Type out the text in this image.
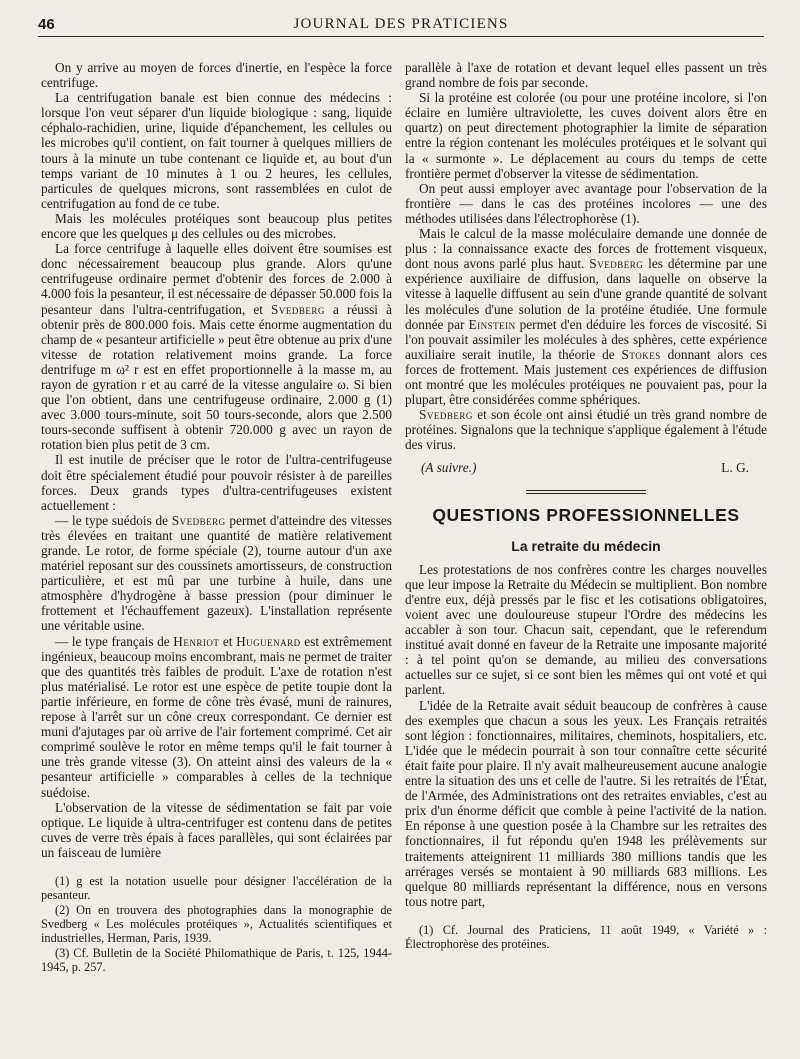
46	JOURNAL DES PRATICIENS

On y arrive au moyen de forces d'inertie, en l'espèce la force centrifuge.

La centrifugation banale est bien connue des médecins : lorsque l'on veut séparer d'un liquide biologique : sang, liquide céphalo-rachidien, urine, liquide d'épanchement, les cellules ou les microbes qu'il contient, on fait tourner à quelques milliers de tours à la minute un tube contenant ce liquide et, au bout d'un temps variant de 10 minutes à 1 ou 2 heures, les cellules, particules de quelques microns, sont rassemblées en culot de centrifugation au fond de ce tube.

Mais les molécules protéiques sont beaucoup plus petites encore que les quelques μ des cellules ou des microbes.

La force centrifuge à laquelle elles doivent être soumises est donc nécessairement beaucoup plus grande. Alors qu'une centrifugeuse ordinaire permet d'obtenir des forces de 2.000 à 4.000 fois la pesanteur, il est nécessaire de dépasser 50.000 fois la pesanteur dans l'ultra-centrifugation, et Svedberg a réussi à obtenir près de 800.000 fois. Mais cette énorme augmentation du champ de « pesanteur artificielle » peut être obtenue au prix d'une vitesse de rotation relativement moins grande. La force dentrifuge m ω² r est en effet proportionnelle à la masse m, au rayon de gyration r et au carré de la vitesse angulaire ω. Si bien que l'on obtient, dans une centrifugeuse ordinaire, 2.000 g (1) avec 3.000 tours-minute, soit 50 tours-seconde, alors que 2.500 tours-seconde suffisent à obtenir 720.000 g avec un rayon de rotation bien plus petit de 3 cm.

Il est inutile de préciser que le rotor de l'ultra-centrifugeuse doit être spécialement étudié pour pouvoir résister à de pareilles forces. Deux grands types d'ultra-centrifugeuses existent actuellement :

— le type suédois de Svedberg permet d'atteindre des vitesses très élevées en traitant une quantité de matière relativement grande. Le rotor, de forme spéciale (2), tourne autour d'un axe matériel reposant sur des coussinets amortisseurs, de construction particulière, et est mû par une turbine à huile, dans une atmosphère d'hydrogène à basse pression (pour diminuer le frottement et l'échauffement gazeux). L'installation représente une véritable usine.

— le type français de Henriot et Huguenard est extrêmement ingénieux, beaucoup moins encombrant, mais ne permet de traiter que des quantités très faibles de produit. L'axe de rotation n'est plus matérialisé. Le rotor est une espèce de petite toupie dont la partie inférieure, en forme de cône très évasé, muni de rainures, repose à l'arrêt sur un cône creux correspondant. Ce dernier est muni d'ajutages par où arrive de l'air fortement comprimé. Cet air comprimé soulève le rotor en même temps qu'il le fait tourner à une très grande vitesse (3). On atteint ainsi des valeurs de la « pesanteur artificielle » comparables à celles de la technique suédoise.

L'observation de la vitesse de sédimentation se fait par voie optique. Le liquide à ultra-centrifuger est contenu dans de petites cuves de verre très épais à faces parallèles, qui sont éclairées par un faisceau de lumière

(1) g est la notation usuelle pour désigner l'accélération de la pesanteur.

(2) On en trouvera des photographies dans la monographie de Svedberg « Les molécules protéiques », Actualités scientifiques et industrielles, Herman, Paris, 1939.

(3) Cf. Bulletin de la Société Philomathique de Paris, t. 125, 1944-1945, p. 257.

parallèle à l'axe de rotation et devant lequel elles passent un très grand nombre de fois par seconde.

Si la protéine est colorée (ou pour une protéine incolore, si l'on éclaire en lumière ultraviolette, les cuves doivent alors être en quartz) on peut directement photographier la limite de séparation entre la région contenant les molécules protéiques et le solvant qui la « surmonte ». Le déplacement au cours du temps de cette frontière permet d'observer la vitesse de sédimentation.

On peut aussi employer avec avantage pour l'observation de la frontière — dans le cas des protéines incolores — une des méthodes utilisées dans l'électrophorèse (1).

Mais le calcul de la masse moléculaire demande une donnée de plus : la connaissance exacte des forces de frottement visqueux, dont nous avons parlé plus haut. Svedberg les détermine par une expérience auxiliaire de diffusion, dans laquelle on observe la vitesse à laquelle diffusent au sein d'une grande quantité de solvant les molécules d'une solution de la protéine étudiée. Une formule donnée par Einstein permet d'en déduire les forces de viscosité. Si l'on pouvait assimiler les molécules à des sphères, cette expérience auxiliaire serait inutile, la théorie de Stokes donnant alors ces forces de frottement. Mais justement ces expériences de diffusion ont montré que les molécules protéiques ne pouvaient pas, pour la plupart, être considérées comme sphériques.

Svedberg et son école ont ainsi étudié un très grand nombre de protéines. Signalons que la technique s'applique également à l'étude des virus.

(A suivre.)	L. G.
QUESTIONS PROFESSIONNELLES
La retraite du médecin

Les protestations de nos confrères contre les charges nouvelles que leur impose la Retraite du Médecin se multiplient. Bon nombre d'entre eux, déjà pressés par le fisc et les cotisations obligatoires, voient avec une douloureuse stupeur l'Ordre des médecins les accabler à son tour. Chacun sait, cependant, que le referendum institué avait donné en faveur de la Retraite une imposante majorité : à tel point qu'on se demande, au milieu des conversations actuelles sur ce sujet, si ce sont bien les mêmes qui ont voté et qui parlent.

L'idée de la Retraite avait séduit beaucoup de confrères à cause des exemples que chacun a sous les yeux. Les Français retraités sont légion : fonctionnaires, militaires, cheminots, hospitaliers, etc. L'idée que le médecin pourrait à son tour connaître cette sécurité était faite pour plaire. Il n'y avait malheureusement aucune analogie entre la situation des uns et celle de l'autre. Si les retraités de l'État, de l'Armée, des Administrations ont des retraites enviables, c'est au prix d'un énorme déficit que comble à peine l'activité de la nation. En réponse à une question posée à la Chambre sur les retraites des fonctionnaires, il fut répondu qu'en 1948 les prélèvements sur traitements atteignirent 11 milliards 380 millions tandis que les arrérages versés se montaient à 90 milliards 683 millions. Les quelque 80 milliards représentant la différence, nous en versons tous notre part,

(1) Cf. Journal des Praticiens, 11 août 1949, « Variété » : Électrophorèse des protéines.
